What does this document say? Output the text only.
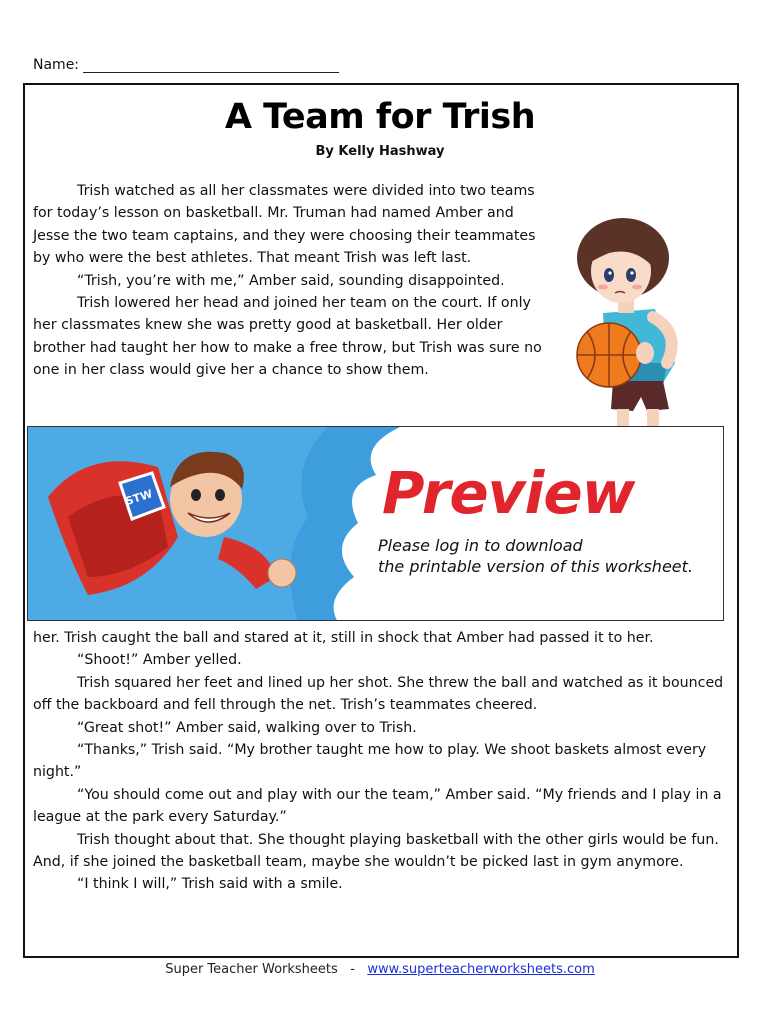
Name:
A Team for Trish
By Kelly Hashway

Trish watched as all her classmates were divided into two teams for today’s lesson on basketball. Mr. Truman had named Amber and Jesse the two team captains, and they were choosing their teammates by who were the best athletes. That meant Trish was left last.

“Trish, you’re with me,” Amber said, sounding disappointed.

Trish lowered her head and joined her team on the court. If only her classmates knew she was pretty good at basketball. Her older brother had taught her how to make a free throw, but Trish was sure no one in her class would give her a chance to show them.

STW	Preview
Please log in to download
the printable version of this worksheet.

her. Trish caught the ball and stared at it, still in shock that Amber had passed it to her.

“Shoot!” Amber yelled.

Trish squared her feet and lined up her shot. She threw the ball and watched as it bounced off the backboard and fell through the net. Trish’s teammates cheered.

“Great shot!” Amber said, walking over to Trish.

“Thanks,” Trish said. “My brother taught me how to play. We shoot baskets almost every night.”

“You should come out and play with our the team,” Amber said. “My friends and I play in a league at the park every Saturday.”

Trish thought about that. She thought playing basketball with the other girls would be fun. And, if she joined the basketball team, maybe she wouldn’t be picked last in gym anymore.

“I think I will,” Trish said with a smile.

Super Teacher Worksheets - www.superteacherworksheets.com
